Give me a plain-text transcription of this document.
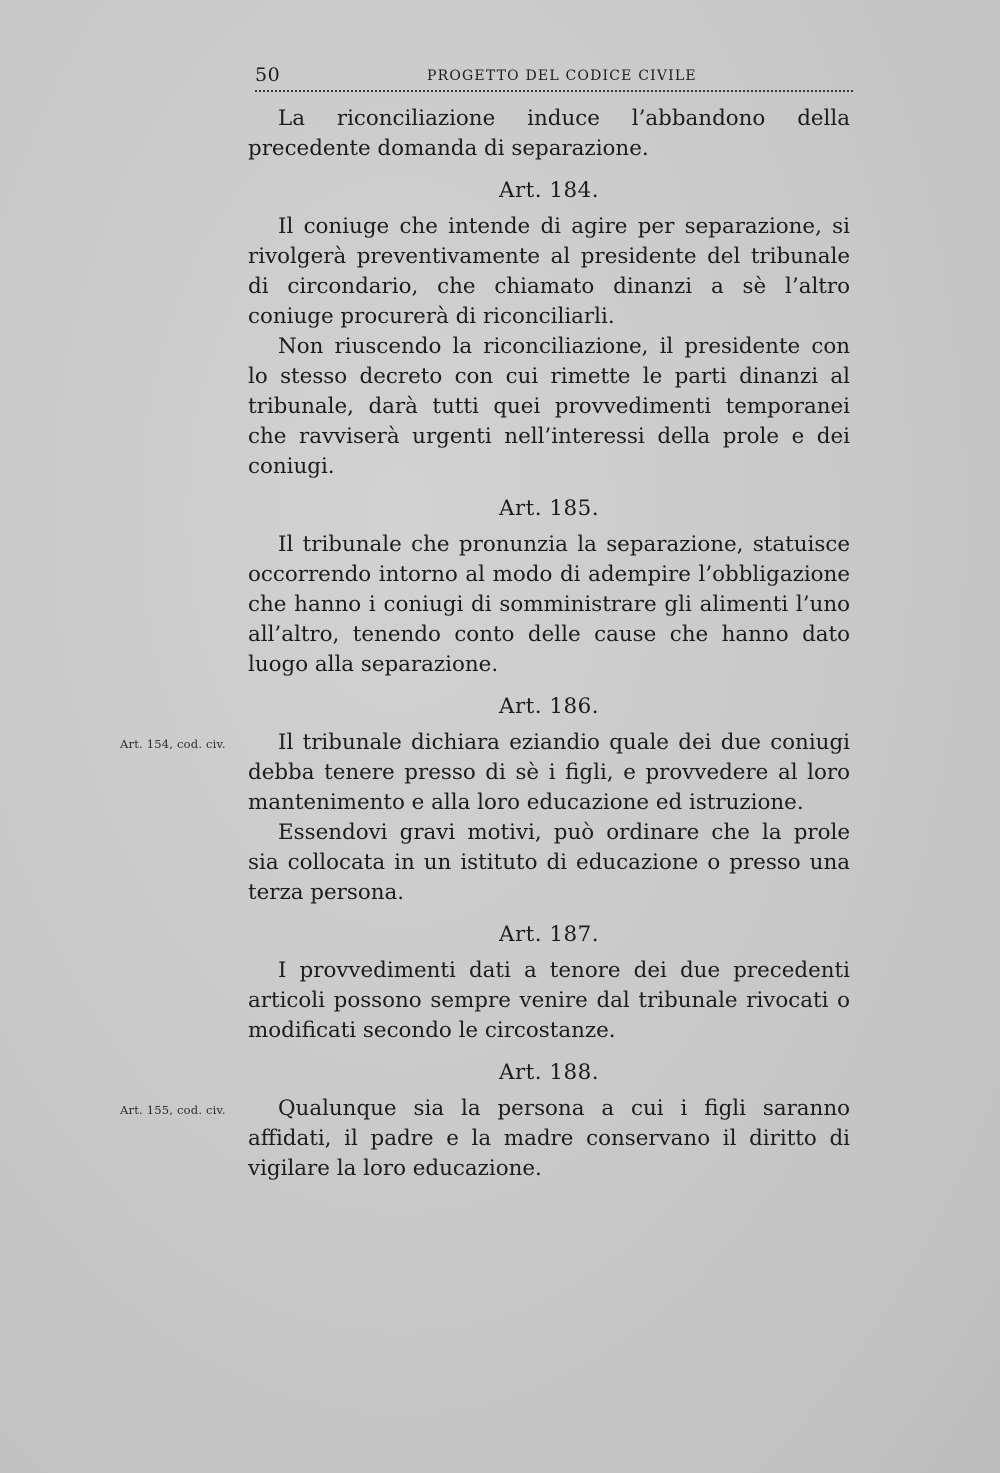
50	PROGETTO DEL CODICE CIVILE

La riconciliazione induce l’abbandono della precedente domanda di separazione.

Art. 184.

Il coniuge che intende di agire per separazione, si rivolgerà preventivamente al presidente del tribunale di circondario, che chiamato dinanzi a sè l’altro coniuge procurerà di riconciliarli.

Non riuscendo la riconciliazione, il presidente con lo stesso decreto con cui rimette le parti dinanzi al tribunale, darà tutti quei provvedimenti temporanei che ravviserà urgenti nell’interessi della prole e dei coniugi.

Art. 185.

Il tribunale che pronunzia la separazione, statuisce occorrendo intorno al modo di adempire l’obbligazione che hanno i coniugi di somministrare gli alimenti l’uno all’altro, tenendo conto delle cause che hanno dato luogo alla separazione.

Art. 186.

Il tribunale dichiara eziandio quale dei due coniugi debba tenere presso di sè i figli, e provvedere al loro mantenimento e alla loro educazione ed istruzione.

Essendovi gravi motivi, può ordinare che la prole sia collocata in un istituto di educazione o presso una terza persona.

Art. 187.

I provvedimenti dati a tenore dei due precedenti articoli possono sempre venire dal tribunale rivocati o modificati secondo le circostanze.

Art. 188.

Qualunque sia la persona a cui i figli saranno affidati, il padre e la madre conservano il diritto di vigilare la loro educazione.

Art. 154, cod. civ.
Art. 155, cod. civ.
